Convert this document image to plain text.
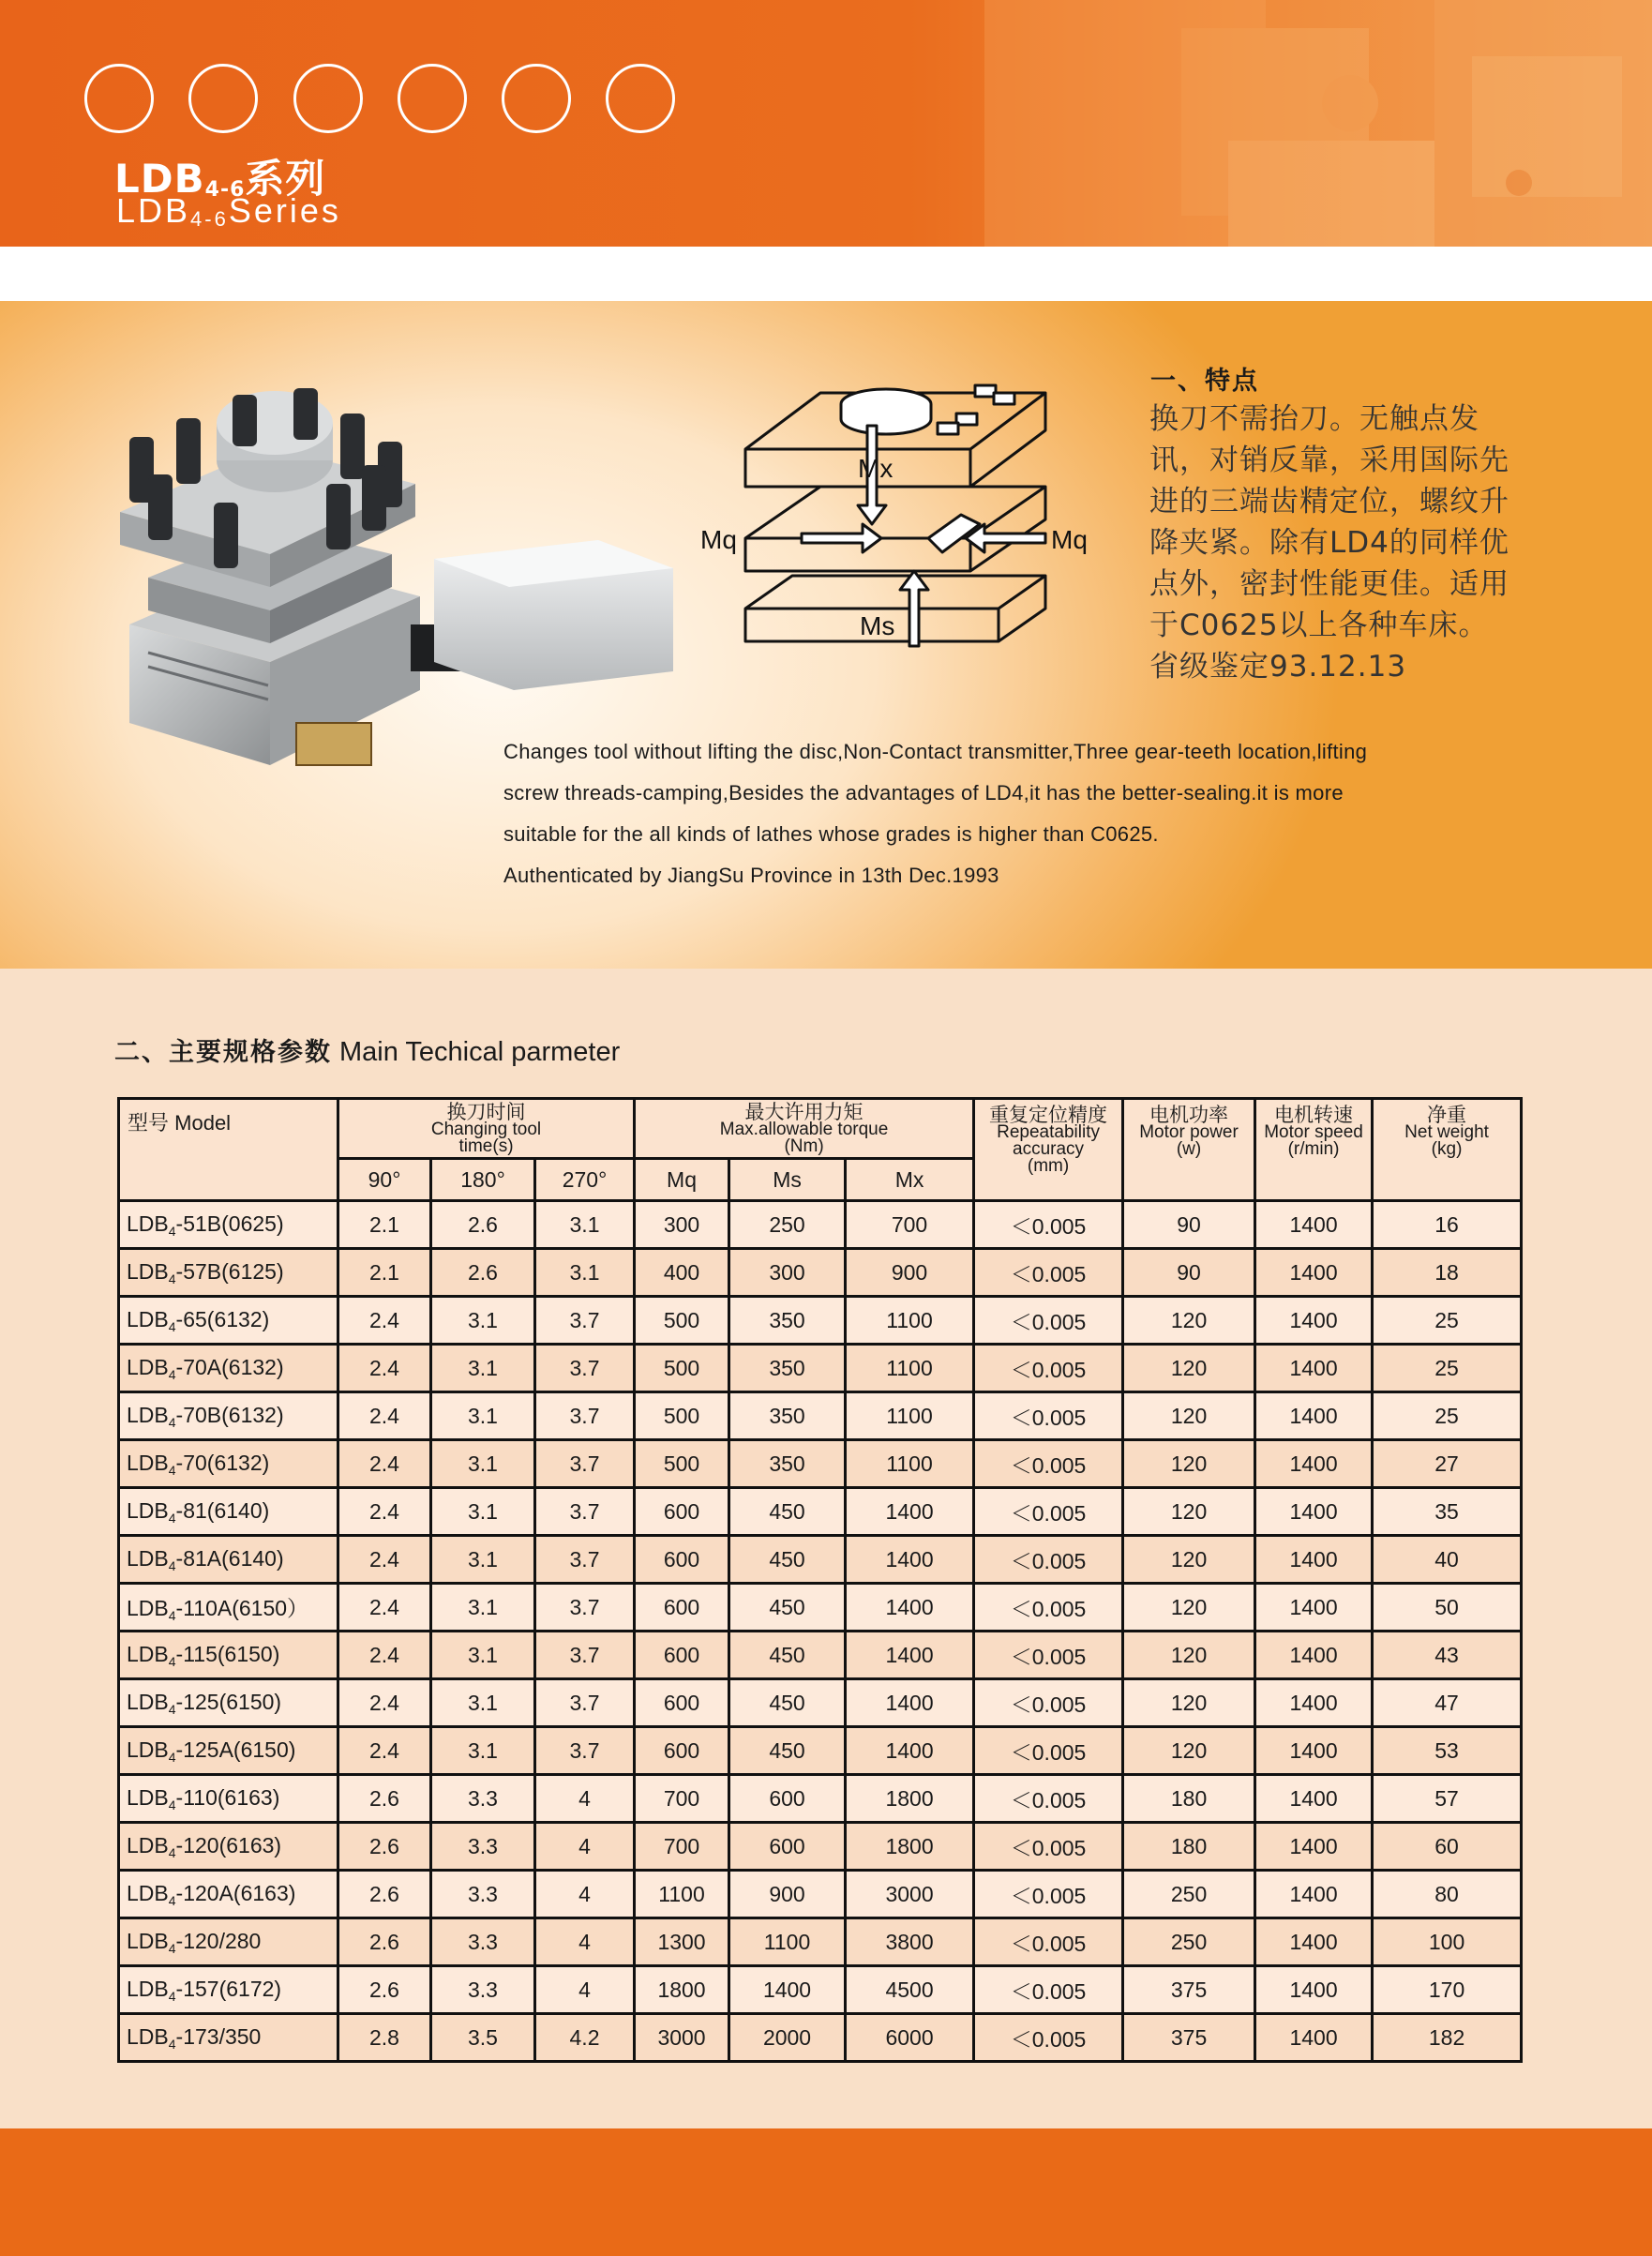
$LDB_{4-6}$系列
$LDB_{4-6}Series$
Mx
Mq	Mq
Ms
一、特点
换刀不需抬刀。无触点发
讯，对销反靠，采用国际先
进的三端齿精定位，螺纹升
降夹紧。除有LD4的同样优
点外，密封性能更佳。适用
于C0625以上各种车床。
省级鉴定93.12.13
Changes tool without lifting the disc,Non-Contact transmitter,Three gear-teeth location,lifting
screw threads-camping,Besides the advantages of LD4,it has the better-sealing.it is more
suitable for the all kinds of lathes whose grades is higher than C0625.
Authenticated by JiangSu Province in 13th Dec.1993
二、主要规格参数 Main Techical parmeter
型号 Model	换刀时间
Changing tool
time(s)			最大许用力矩
Max.allowable torque
(Nm)			重复定位精度
Repeatability
accuracy
(mm)	电机功率
Motor power
(w)	电机转速
Motor speed
(r/min)	净重
Net weight
(kg)

	90°	180°	270°	Mq	Ms	Mx				
$LDB_4-51B(0625)$	2.1	2.6	3.1	300	250	700	＜0.005	90	1400	16
$LDB_4-57B(6125)$	2.1	2.6	3.1	400	300	900	＜0.005	90	1400	18
$LDB_4-65(6132)$	2.4	3.1	3.7	500	350	1100	＜0.005	120	1400	25
$LDB_4-70A(6132)$	2.4	3.1	3.7	500	350	1100	＜0.005	120	1400	25
$LDB_4-70B(6132)$	2.4	3.1	3.7	500	350	1100	＜0.005	120	1400	25
$LDB_4-70(6132)$	2.4	3.1	3.7	500	350	1100	＜0.005	120	1400	27
$LDB_4-81(6140)$	2.4	3.1	3.7	600	450	1400	＜0.005	120	1400	35
$LDB_4-81A(6140)$	2.4	3.1	3.7	600	450	1400	＜0.005	120	1400	40
$LDB_4-110A(6150)$	2.4	3.1	3.7	600	450	1400	＜0.005	120	1400	50
$LDB_4-115(6150)$	2.4	3.1	3.7	600	450	1400	＜0.005	120	1400	43
$LDB_4-125(6150)$	2.4	3.1	3.7	600	450	1400	＜0.005	120	1400	47
$LDB_4-125A(6150)$	2.4	3.1	3.7	600	450	1400	＜0.005	120	1400	53
$LDB_4-110(6163)$	2.6	3.3	4	700	600	1800	＜0.005	180	1400	57
$LDB_4-120(6163)$	2.6	3.3	4	700	600	1800	＜0.005	180	1400	60
$LDB_4-120A(6163)$	2.6	3.3	4	1100	900	3000	＜0.005	250	1400	80
$LDB_4-120/280$	2.6	3.3	4	1300	1100	3800	＜0.005	250	1400	100
$LDB_4-157(6172)$	2.6	3.3	4	1800	1400	4500	＜0.005	375	1400	170
$LDB_4-173/350$	2.8	3.5	4.2	3000	2000	6000	＜0.005	375	1400	182
